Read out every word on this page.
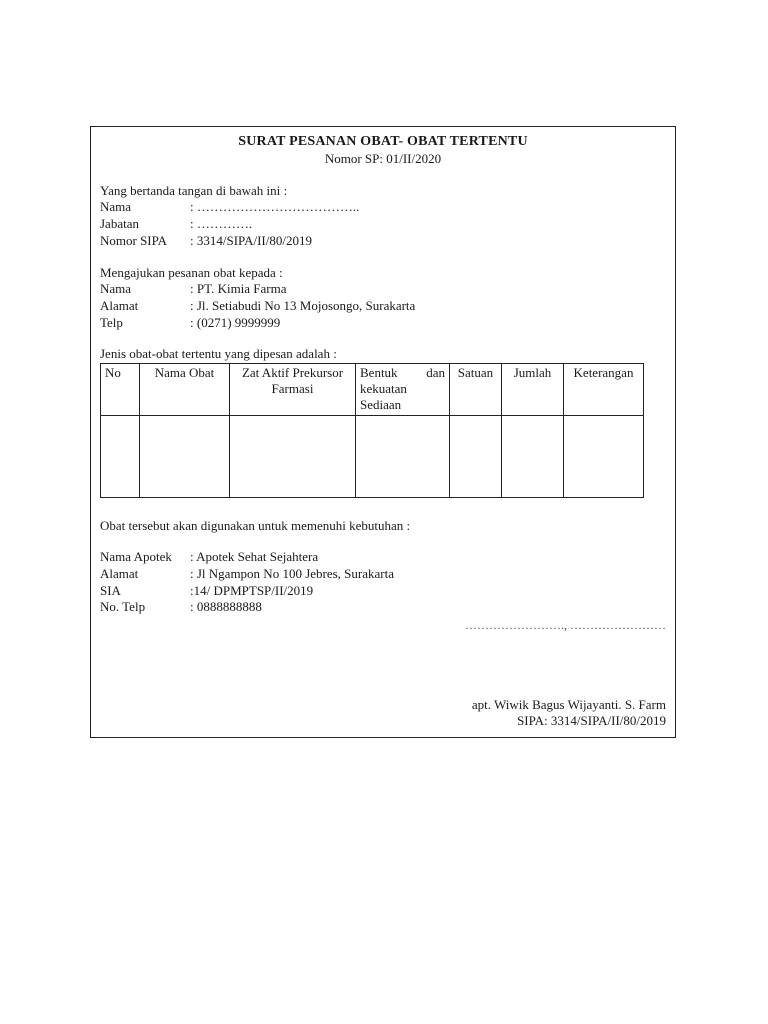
SURAT PESANAN OBAT- OBAT TERTENTU
Nomor SP: 01/II/2020
Yang bertanda tangan di bawah ini :
Nama	: ………………………………..
Jabatan	: ………….
Nomor SIPA : 3314/SIPA/II/80/2019
Mengajukan pesanan obat kepada :
Nama	: PT. Kimia Farma
Alamat	: Jl. Setiabudi No 13 Mojosongo, Surakarta
Telp	: (0271) 9999999
Jenis obat-obat tertentu yang dipesan adalah :
No	Nama Obat	Zat Aktif Prekursor Farmasi	Bentuk dan
kekuatan
Sediaan	Satuan	Jumlah	Keterangan

Obat tersebut akan digunakan untuk memenuhi kebutuhan :
Nama Apotek : Apotek Sehat Sejahtera
Alamat	: Jl Ngampon No 100 Jebres, Surakarta
SIA	:14/ DPMPTSP/II/2019
No. Telp	: 0888888888
……………………., ……………………
apt. Wiwik Bagus Wijayanti. S. Farm
SIPA: 3314/SIPA/II/80/2019
